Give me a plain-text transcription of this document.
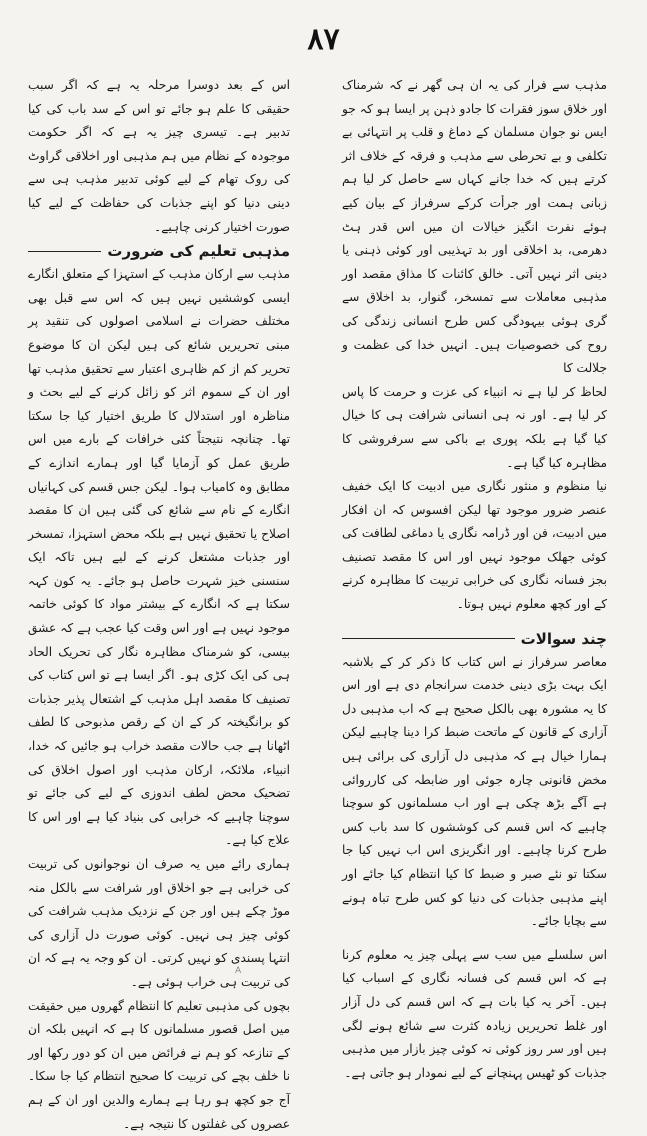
٨٧

مذہب سے فرار کی یہ ان ہی گھر نے کہ شرمناک اور خلاق سوز فقرات کا جادو ذہن پر ایسا ہو کہ جو ایس نو جوان مسلمان کے دماغ و قلب پر انتہائی بے تکلفی و بے تحرطی سے مذہب و فرقہ کے خلاف اثر کرتے ہیں کہ خدا جانے کہاں سے حاصل کر لیا ہم زبانی ہمت اور جرأت کرکے سرفراز کے بیان کیے ہوئے نفرت انگیز خیالات ان میں اس قدر ہٹ دھرمی، بد اخلاقی اور بد تہذیبی اور کوئی ذہنی یا دینی اثر نہیں آتی۔ خالق کائنات کا مذاق مقصد اور مذہبی معاملات سے تمسخر، گنوار، بد اخلاق سے گری ہوئی بیہودگی کس طرح انسانی زندگی کی روح کی خصوصیات ہیں۔ انہیں خدا کی عظمت و جلالت کا

لحاظ کر لیا ہے نہ انبیاء کی عزت و حرمت کا پاس کر لیا ہے۔ اور نہ ہی انسانی شرافت ہی کا خیال کیا گیا ہے بلکہ پوری بے باکی سے سرفروشی کا مظاہرہ کیا گیا ہے۔

نیا منظوم و منثور نگاری میں ادبیت کا ایک خفیف عنصر ضرور موجود تھا لیکن افسوس کہ ان افکار میں ادبیت، فن اور ڈرامہ نگاری یا دماغی لطافت کی کوئی جھلک موجود نہیں اور اس کا مقصد تصنیف بجز فسانہ نگاری کی خرابی تربیت کا مظاہرہ کرنے کے اور کچھ معلوم نہیں ہوتا۔

چند سوالات

معاصر سرفراز نے اس کتاب کا ذکر کر کے بلاشبہ ایک بہت بڑی دینی خدمت سرانجام دی ہے اور اس کا یہ مشورہ بھی بالکل صحیح ہے کہ اب مذہبی دل آزاری کے قانون کے ماتحت ضبط کرا دینا چاہیے لیکن ہمارا خیال ہے کہ مذہبی دل آزاری کی برائی ہیں مخض قانونی چارہ جوئی اور ضابطہ کی کارروائی ہے آگے بڑھ چکی ہے اور اب مسلمانوں کو سوچنا چاہیے کہ اس قسم کی کوششوں کا سد باب کس طرح کرنا چاہیے۔ اور انگریزی اس اب نہیں کیا جا سکتا تو نئے صبر و ضبط کا کیا انتظام کیا جائے اور اپنے مذہبی جذبات کی دنیا کو کس طرح تباہ ہونے سے بچایا جائے۔

اس سلسلے میں سب سے پہلی چیز یہ معلوم کرنا ہے کہ اس قسم کی فسانہ نگاری کے اسباب کیا ہیں۔ آخر یہ کیا بات ہے کہ اس قسم کی دل آزار اور غلط تحریریں زیادہ کثرت سے شائع ہونے لگی ہیں اور سر روز کوئی نہ کوئی چیز بازار میں مذہبی جذبات کو ٹھیس پہنچانے کے لیے نمودار ہو جاتی ہے۔

اس کے بعد دوسرا مرحلہ یہ ہے کہ اگر سبب حقیقی کا علم ہو جائے تو اس کے سد باب کی کیا تدبیر ہے۔ تیسری چیز یہ ہے کہ اگر حکومت موجودہ کے نظام میں ہم مذہبی اور اخلاقی گراوٹ کی روک تھام کے لیے کوئی تدبیر مذہب ہی سے دینی دنیا کو اپنے جذبات کی حفاظت کے لیے کیا صورت اختیار کرنی چاہیے۔

مذہبی تعلیم کی ضرورت

مذہب سے ارکان مذہب کے استہزا کے متعلق انگارے ایسی کوششیں نہیں ہیں کہ اس سے قبل بھی مختلف حضرات نے اسلامی اصولوں کی تنقید پر مبنی تحریریں شائع کی ہیں لیکن ان کا موضوع تحریر کم از کم ظاہری اعتبار سے تحقیق مذہب تھا اور ان کے سموم اثر کو زائل کرنے کے لیے بحث و مناظرہ اور استدلال کا طریق اختیار کیا جا سکتا تھا۔ چنانچہ نتیجتاً کئی خرافات کے بارے میں اس طریق عمل کو آزمایا گیا اور ہمارے اندازے کے مطابق وہ کامیاب ہوا۔ لیکن جس قسم کی کہانیاں انگارے کے نام سے شائع کی گئی ہیں ان کا مقصد اصلاح یا تحقیق نہیں ہے بلکہ محض استہزا، تمسخر اور جذبات مشتعل کرنے کے لیے ہیں تاکہ ایک سنسنی خیز شہرت حاصل ہو جائے۔ یہ کون کہہ سکتا ہے کہ انگارے کے بیشتر مواد کا کوئی خاتمہ موجود نہیں ہے اور اس وقت کیا عجب ہے کہ عشق بیسی، کو شرمناک مظاہرہ نگار کی تحریک الحاد ہی کی ایک کڑی ہو۔ اگر ایسا ہے تو اس کتاب کی تصنیف کا مقصد اہل مذہب کے اشتعال پذیر جذبات کو برانگیختہ کر کے ان کے رقص مذبوحی کا لطف اٹھانا ہے جب حالات مقصد خراب ہو جائیں کہ خدا، انبیاء، ملائکہ، ارکان مذہب اور اصول اخلاق کی تضحیک محض لطف اندوزی کے لیے کی جائے تو سوچنا چاہیے کہ خرابی کی بنیاد کیا ہے اور اس کا علاج کیا ہے۔

ہماری رائے میں یہ صرف ان نوجوانوں کی تربیت کی خرابی ہے جو اخلاق اور شرافت سے بالکل منہ موڑ چکے ہیں اور جن کے نزدیک مذہب شرافت کی کوئی چیز ہی نہیں۔ کوئی صورت دل آزاری کی انتہا پسندی کو نہیں کرتی۔ ان کو وجہ یہ ہے کہ ان کی تربیت ہی خراب ہوئی ہے۔

بچوں کی مذہبی تعلیم کا انتظام گھروں میں حقیقت میں اصل قصور مسلمانوں کا ہے کہ انہیں بلکہ ان کے تنازعہ کو ہم نے فرائض میں ان کو دور رکھا اور نا خلف بچے کی تربیت کا صحیح انتظام کیا جا سکا۔ آج جو کچھ ہو رہا ہے ہمارے والدین اور ان کے ہم عصروں کی غفلتوں کا نتیجہ ہے۔

A
